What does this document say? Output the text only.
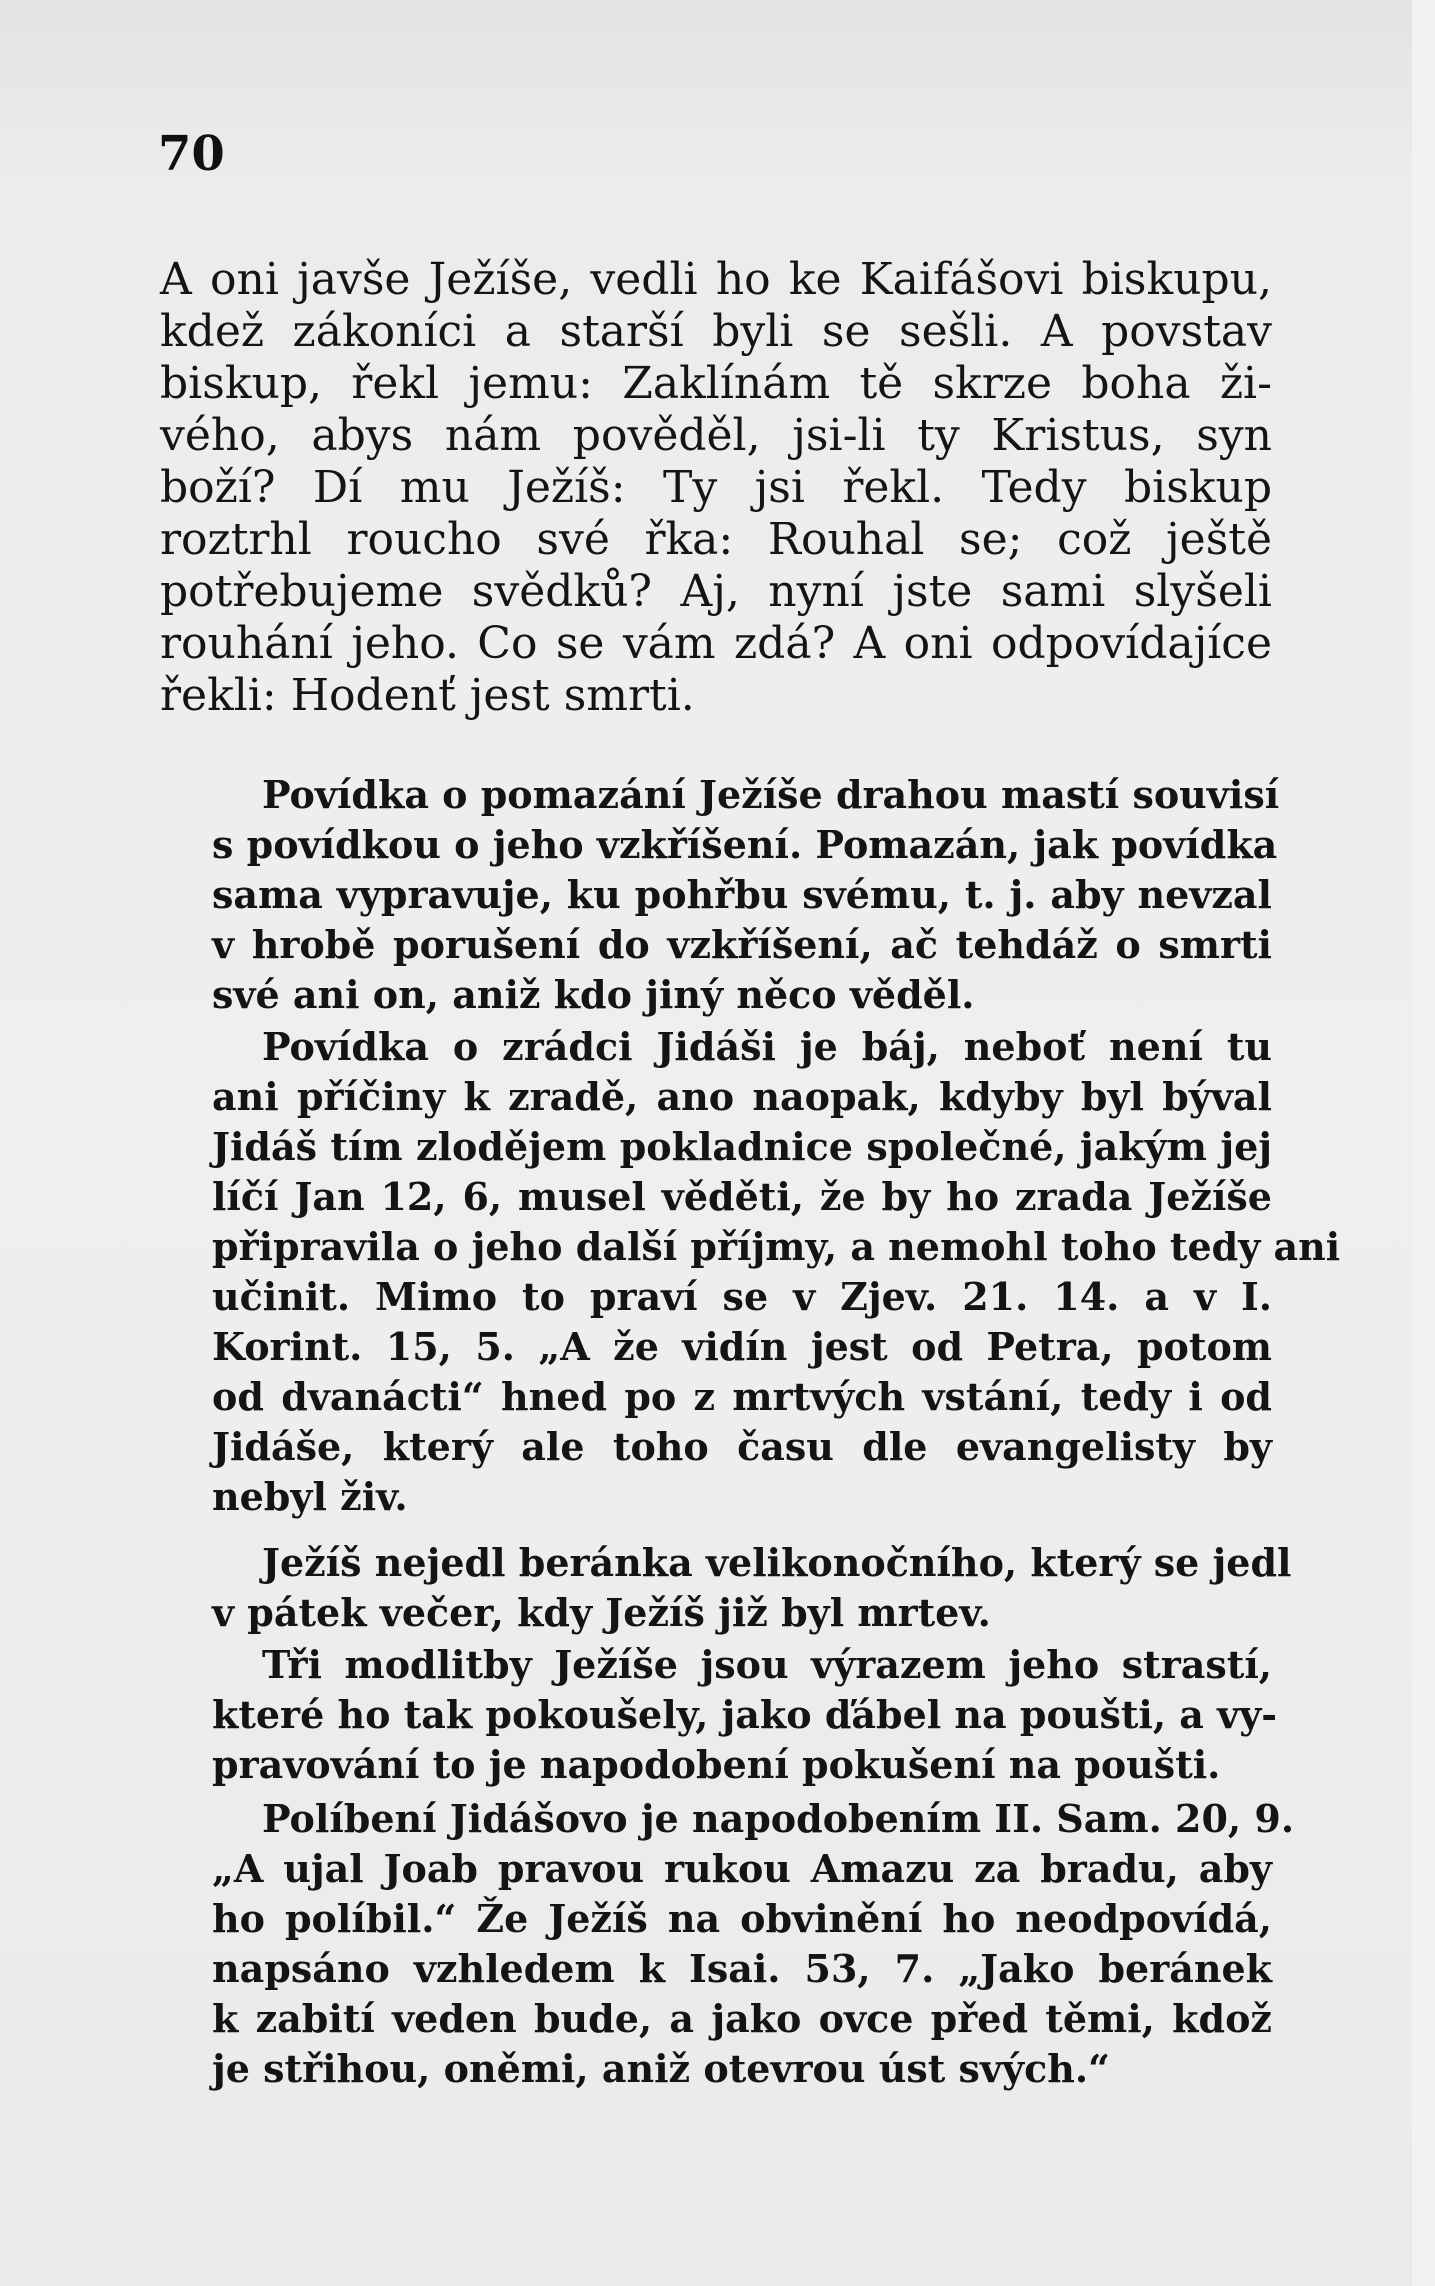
70

A oni javše Ježíše, vedli ho ke Kaifášovi biskupu,

kdež zákoníci a starší byli se sešli. A povstav

biskup, řekl jemu: Zaklínám tě skrze boha ži-

vého, abys nám pověděl, jsi-li ty Kristus, syn

boží? Dí mu Ježíš: Ty jsi řekl. Tedy biskup

roztrhl roucho své řka: Rouhal se; což ještě

potřebujeme svědků? Aj, nyní jste sami slyšeli

rouhání jeho. Co se vám zdá? A oni odpovídajíce

řekli: Hodenť jest smrti.

Povídka o pomazání Ježíše drahou mastí souvisí

s povídkou o jeho vzkříšení. Pomazán, jak povídka

sama vypravuje, ku pohřbu svému, t. j. aby nevzal

v hrobě porušení do vzkříšení, ač tehdáž o smrti

své ani on, aniž kdo jiný něco věděl.

Povídka o zrádci Jidáši je báj, neboť není tu

ani příčiny k zradě, ano naopak, kdyby byl býval

Jidáš tím zlodějem pokladnice společné, jakým jej

líčí Jan 12, 6, musel věděti, že by ho zrada Ježíše

připravila o jeho další příjmy, a nemohl toho tedy ani

učinit. Mimo to praví se v Zjev. 21. 14. a v I.

Korint. 15, 5. „A že vidín jest od Petra, potom

od dvanácti“ hned po z mrtvých vstání, tedy i od

Jidáše, který ale toho času dle evangelisty by

nebyl živ.

Ježíš nejedl beránka velikonočního, který se jedl

v pátek večer, kdy Ježíš již byl mrtev.

Tři modlitby Ježíše jsou výrazem jeho strastí,

které ho tak pokoušely, jako ďábel na poušti, a vy-

pravování to je napodobení pokušení na poušti.

Políbení Jidášovo je napodobením II. Sam. 20, 9.

„A ujal Joab pravou rukou Amazu za bradu, aby

ho políbil.“ Že Ježíš na obvinění ho neodpovídá,

napsáno vzhledem k Isai. 53, 7. „Jako beránek

k zabití veden bude, a jako ovce před těmi, kdož

je střihou, oněmi, aniž otevrou úst svých.“
